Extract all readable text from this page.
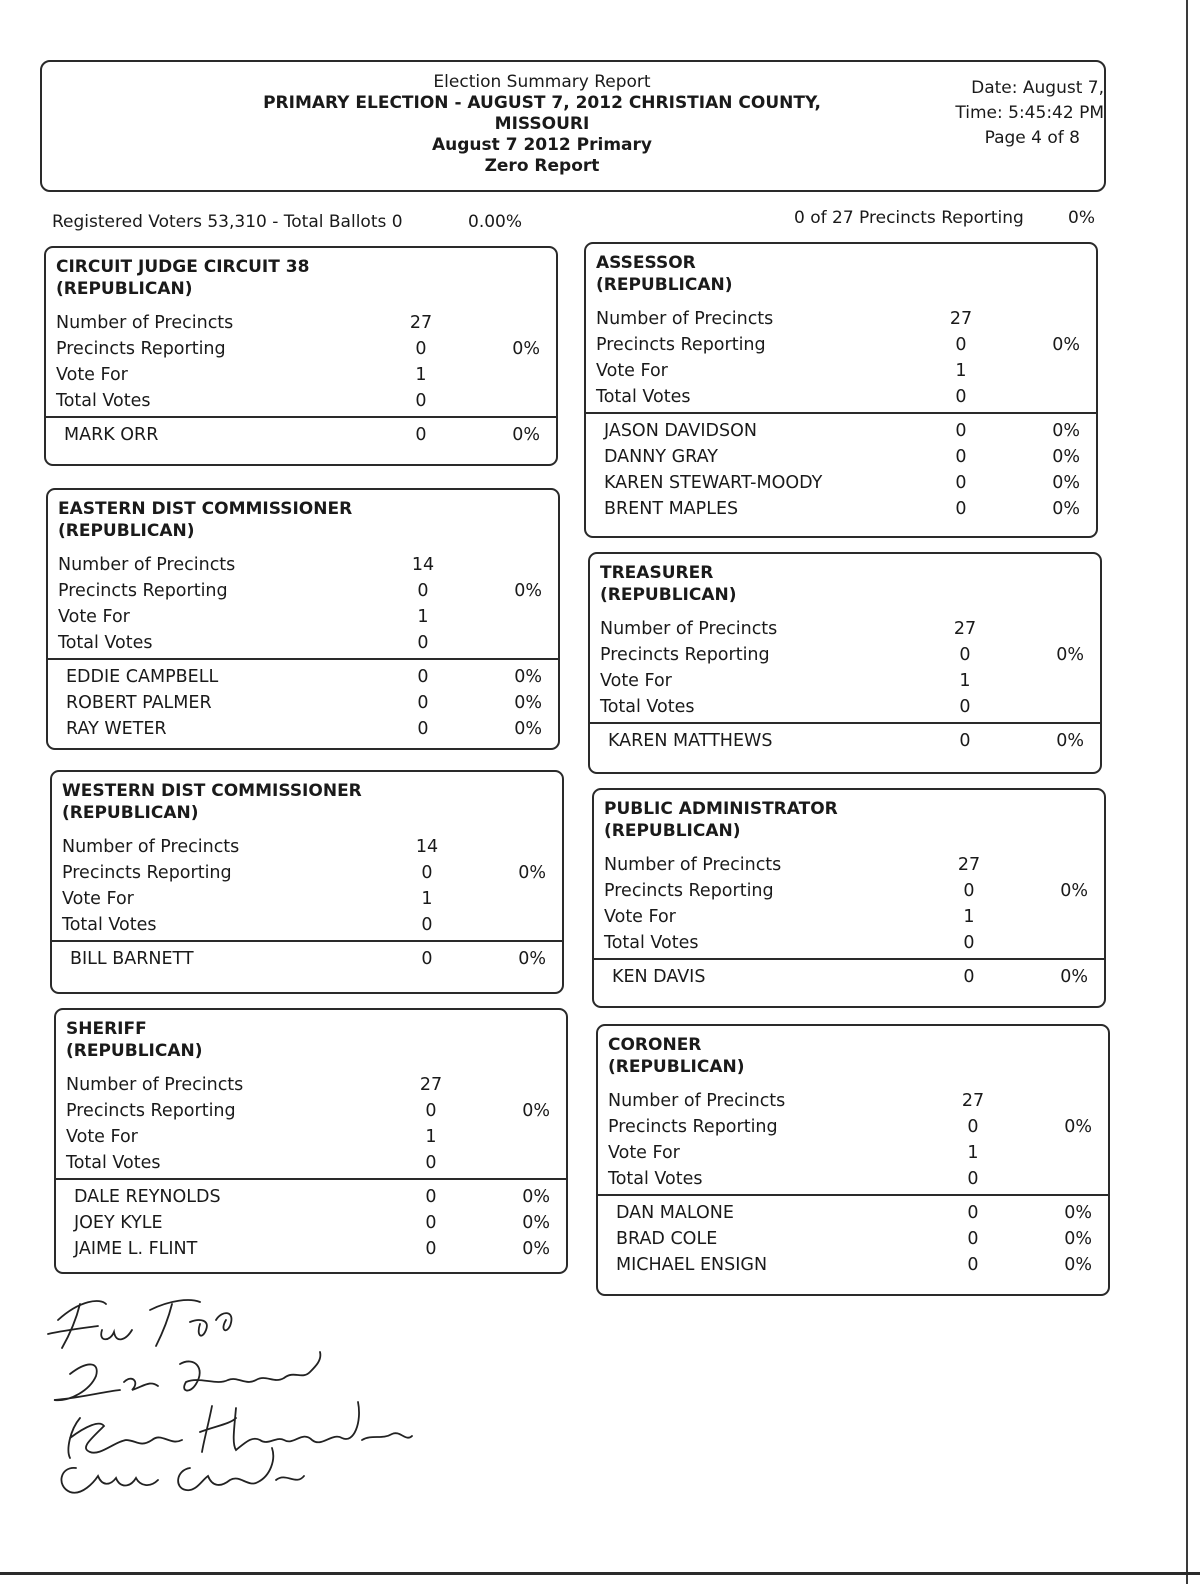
Election Summary Report
PRIMARY ELECTION - AUGUST 7, 2012 CHRISTIAN COUNTY,
MISSOURI
August 7 2012 Primary
Zero Report
Date: August 7,
Time: 5:45:42 PM
Page 4 of 8
Registered Voters 53,310 - Total Ballots 0	0.00%	0 of 27 Precincts Reporting	0%
CIRCUIT JUDGE CIRCUIT 38
(REPUBLICAN)
Number of Precincts	27
Precincts Reporting	0	0%
Vote For	1
Total Votes	0
MARK ORR	0	0%
EASTERN DIST COMMISSIONER
(REPUBLICAN)
Number of Precincts	14
Precincts Reporting	0	0%
Vote For	1
Total Votes	0
EDDIE CAMPBELL	0	0%
ROBERT PALMER	0	0%
RAY WETER	0	0%
WESTERN DIST COMMISSIONER
(REPUBLICAN)
Number of Precincts	14
Precincts Reporting	0	0%
Vote For	1
Total Votes	0
BILL BARNETT	0	0%
SHERIFF
(REPUBLICAN)
Number of Precincts	27
Precincts Reporting	0	0%
Vote For	1
Total Votes	0
DALE REYNOLDS	0	0%
JOEY KYLE	0	0%
JAIME L. FLINT	0	0%
ASSESSOR
(REPUBLICAN)
Number of Precincts	27
Precincts Reporting	0	0%
Vote For	1
Total Votes	0
JASON DAVIDSON	0	0%
DANNY GRAY	0	0%
KAREN STEWART-MOODY	0	0%
BRENT MAPLES	0	0%
TREASURER
(REPUBLICAN)
Number of Precincts	27
Precincts Reporting	0	0%
Vote For	1
Total Votes	0
KAREN MATTHEWS	0	0%
PUBLIC ADMINISTRATOR
(REPUBLICAN)
Number of Precincts	27
Precincts Reporting	0	0%
Vote For	1
Total Votes	0
KEN DAVIS	0	0%
CORONER
(REPUBLICAN)
Number of Precincts	27
Precincts Reporting	0	0%
Vote For	1
Total Votes	0
DAN MALONE	0	0%
BRAD COLE	0	0%
MICHAEL ENSIGN	0	0%
